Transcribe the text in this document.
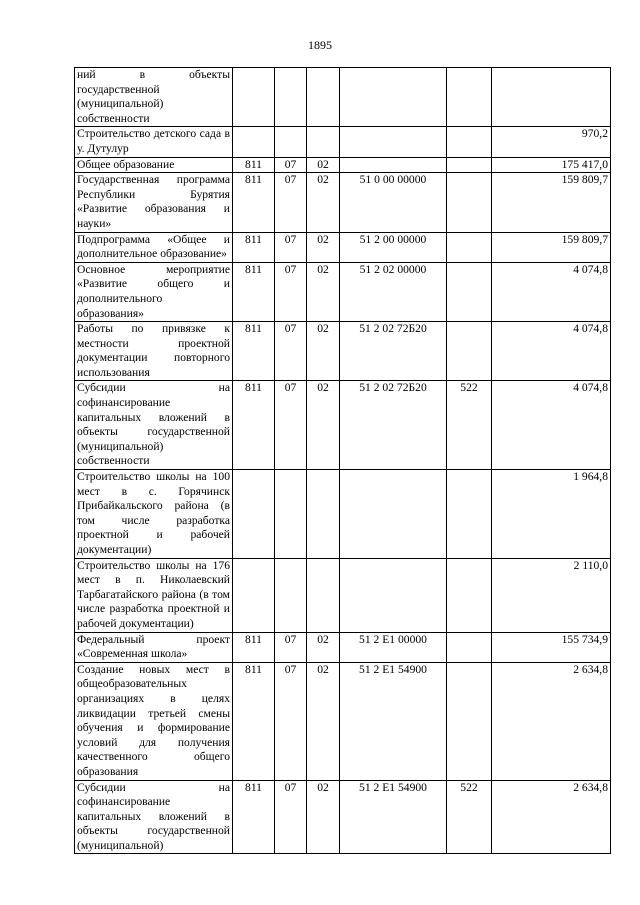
1895
ний в объекты государственной (муниципальной) собственности						
Строительство детского сада в у. Дутулур						970,2
Общее образование	811	07	02			175 417,0
Государственная программа Республики Бурятия «Развитие образования и науки»	811	07	02	51 0 00 00000		159 809,7
Подпрограмма «Общее и дополнительное образование»	811	07	02	51 2 00 00000		159 809,7
Основное мероприятие «Развитие общего и дополнительного образования»	811	07	02	51 2 02 00000		4 074,8
Работы по привязке к местности проектной документации повторного использования	811	07	02	51 2 02 72Б20		4 074,8
Субсидии на софинансирование капитальных вложений в объекты государственной (муниципальной) собственности	811	07	02	51 2 02 72Б20	522	4 074,8
Строительство школы на 100 мест в с. Горячинск Прибайкальского района (в том числе разработка проектной и рабочей документации)						1 964,8
Строительство школы на 176 мест в п. Николаевский Тарбагатайского района (в том числе разработка проектной и рабочей документации)						2 110,0
Федеральный проект «Современная школа»	811	07	02	51 2 E1 00000		155 734,9
Создание новых мест в общеобразовательных организациях в целях ликвидации третьей смены обучения и формирование условий для получения качественного общего образования	811	07	02	51 2 E1 54900		2 634,8
Субсидии на софинансирование капитальных вложений в объекты государственной (муниципальной)	811	07	02	51 2 E1 54900	522	2 634,8
